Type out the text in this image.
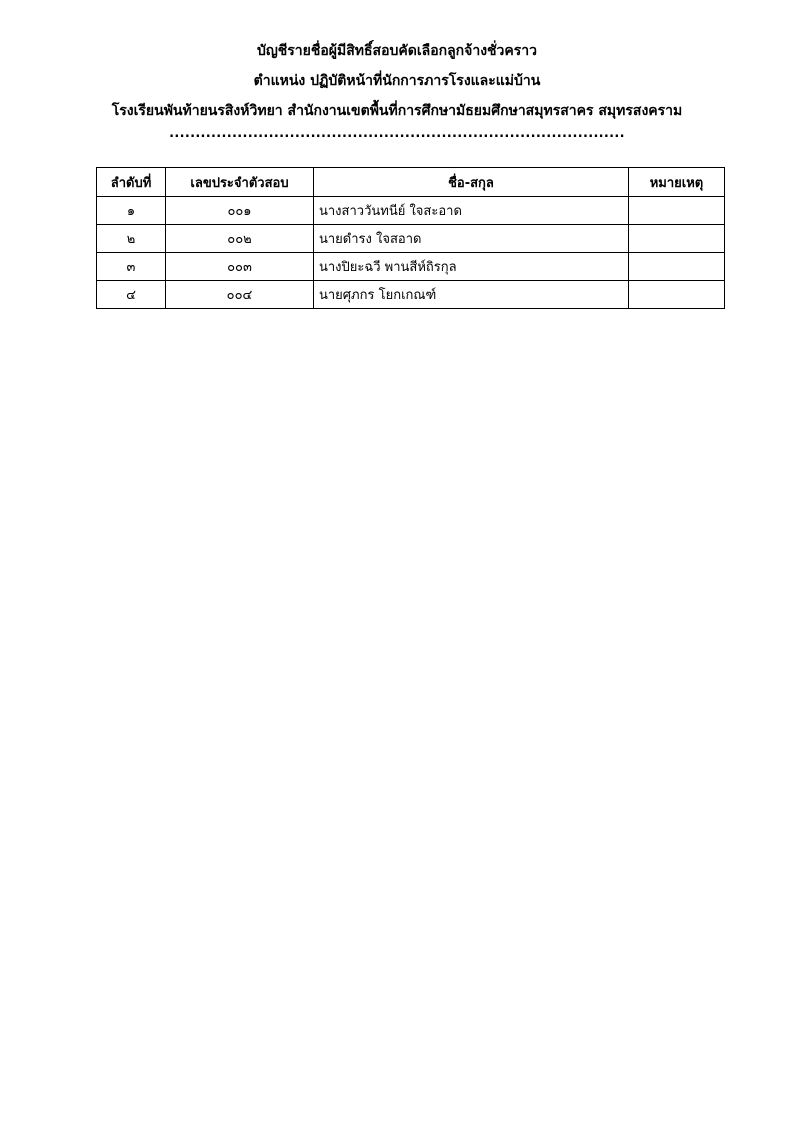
บัญชีรายชื่อผู้มีสิทธิ์สอบคัดเลือกลูกจ้างชั่วคราว
ตำแหน่ง ปฏิบัติหน้าที่นักการภารโรงและแม่บ้าน
โรงเรียนพันท้ายนรสิงห์วิทยา สำนักงานเขตพื้นที่การศึกษามัธยมศึกษาสมุทรสาคร สมุทรสงคราม
.......................................................................................
ลำดับที่	เลขประจำตัวสอบ	ชื่อ-สกุล	หมายเหตุ
๑	๐๐๑	นางสาววันทนีย์ ใจสะอาด	
๒	๐๐๒	นายดำรง ใจสอาด	
๓	๐๐๓	นางปิยะฉวี พานสีห์ถิรกุล	
๔	๐๐๔	นายศุภกร โยกเกณฑ์	
